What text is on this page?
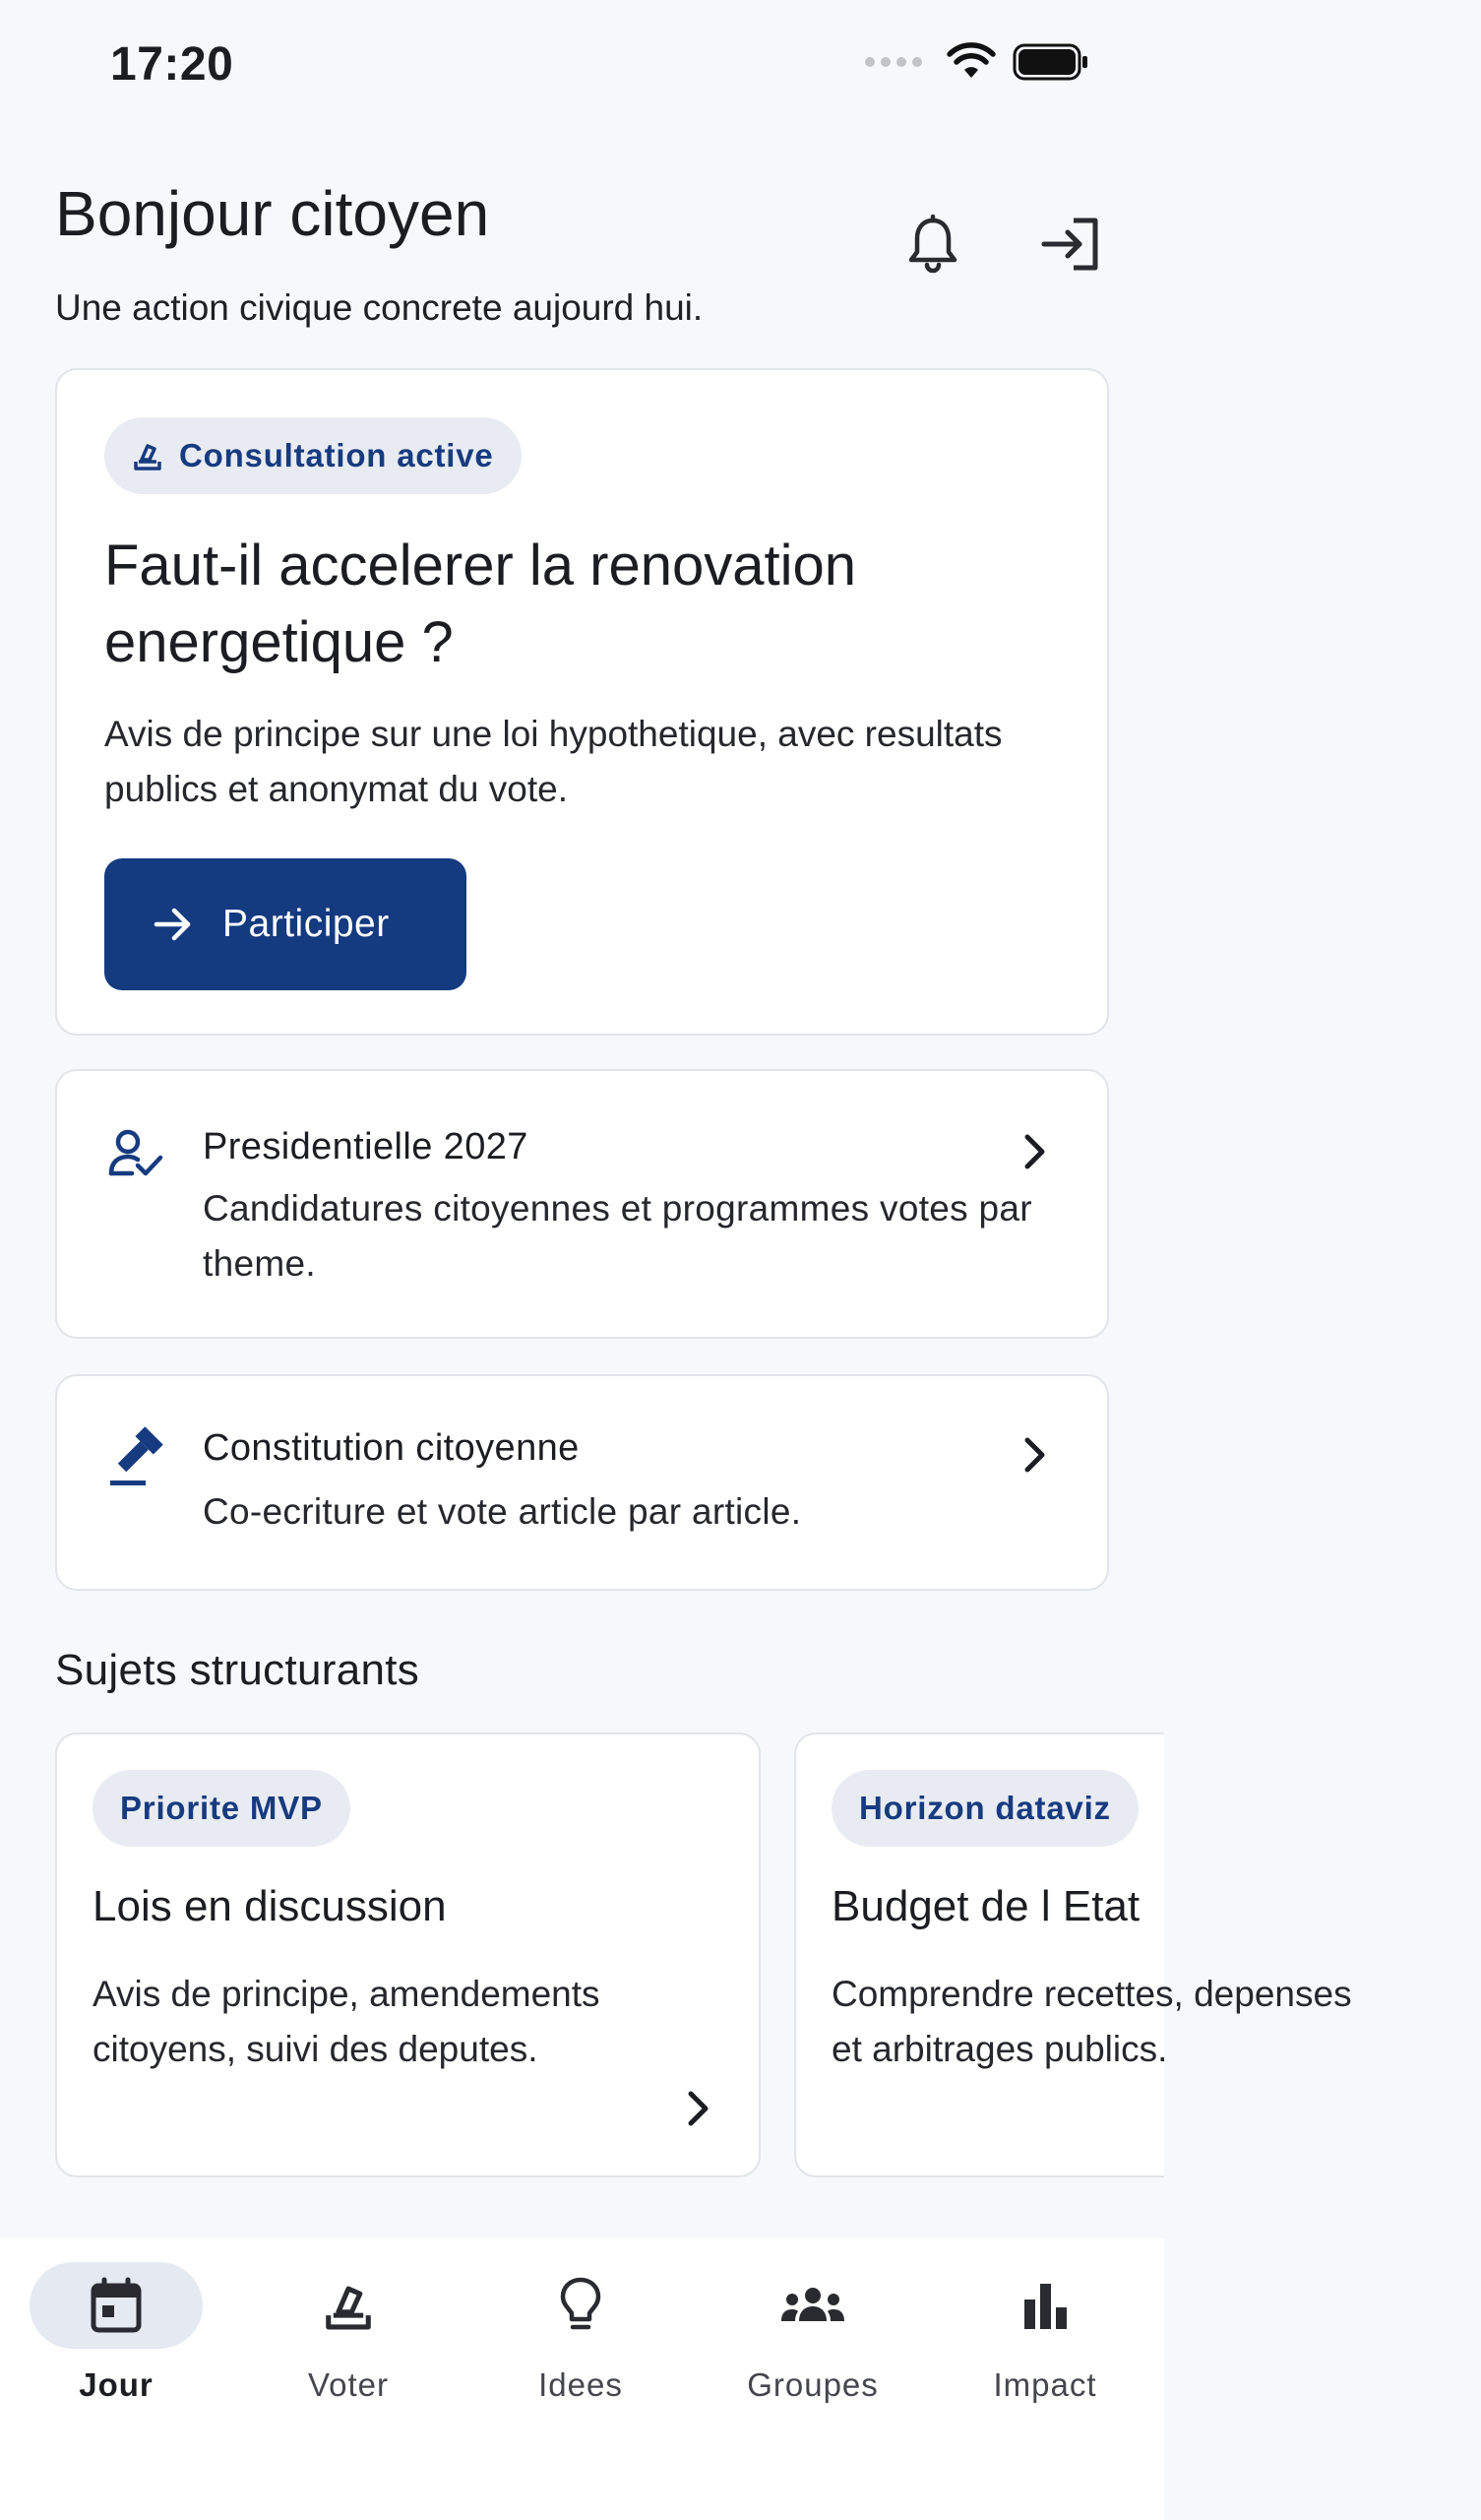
17:20
Bonjour citoyen
Une action civique concrete aujourd hui.
Consultation active
Faut-il accelerer la renovation energetique ?
Avis de principe sur une loi hypothetique, avec resultats publics et anonymat du vote.
Participer
Presidentielle 2027
Candidatures citoyennes et programmes votes par theme.
Constitution citoyenne
Co-ecriture et vote article par article.
Sujets structurants
Priorite MVP
Lois en discussion
Avis de principe, amendements
citoyens, suivi des deputes.
Horizon dataviz
Budget de l Etat
Comprendre recettes, depenses
et arbitrages publics.
Jour	Voter	Idees	Groupes	Impact
